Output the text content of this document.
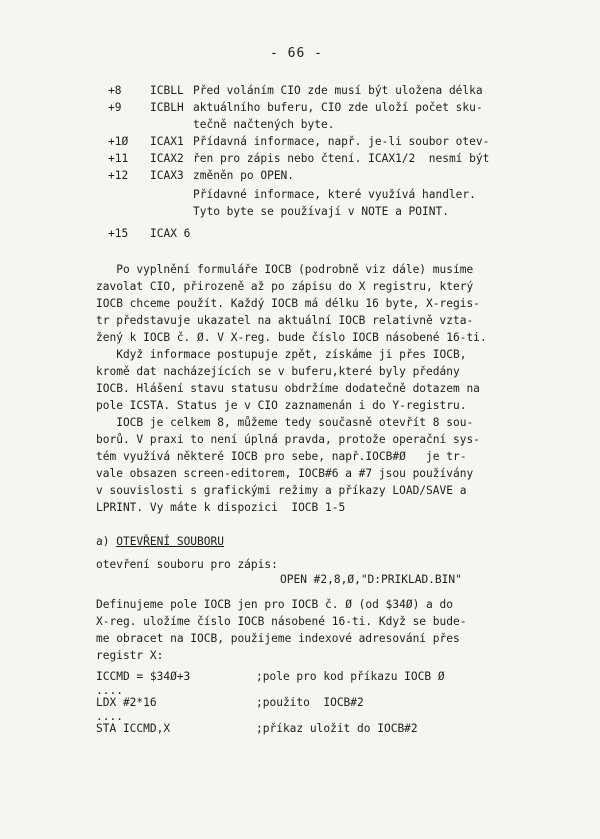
- 66 -
+8	ICBLL Před voláním CIO zde musí být uložena délka
+9	ICBLH aktuálního buferu, CIO zde uloží počet sku-
tečně načtených byte.
+1Ø ICAX1 Přídavná informace, např. je-li soubor otev-
+11 ICAX2 řen pro zápis nebo čtení. ICAX1/2  nesmí být
+12 ICAX3 změněn po OPEN.
Přídavné informace, které využívá handler.
Tyto byte se používají v NOTE a POINT.
+15 ICAX 6
Po vyplnění formuláře IOCB (podrobně viz dále) musíme
zavolat CIO, přirozeně až po zápisu do X registru, který
IOCB chceme použít. Každý IOCB má délku 16 byte, X-regis-
tr představuje ukazatel na aktuální IOCB relativně vzta-
žený k IOCB č. Ø. V X-reg. bude číslo IOCB násobené 16-ti.
Když informace postupuje zpět, získáme ji přes IOCB,
kromě dat nacházejících se v buferu,které byly předány
IOCB. Hlášení stavu statusu obdržíme dodatečně dotazem na
pole ICSTA. Status je v CIO zaznamenán i do Y-registru.
IOCB je celkem 8, můžeme tedy současně otevřít 8 sou-
borů. V praxi to není úplná pravda, protože operační sys-
tém využívá některé IOCB pro sebe, např.IOCB#Ø   je tr-
vale obsazen screen-editorem, IOCB#6 a #7 jsou používány
v souvislosti s grafickými režimy a příkazy LOAD/SAVE a
LPRINT. Vy máte k dispozici  IOCB 1-5
a) OTEVŘENÍ SOUBORU
otevření souboru pro zápis:
OPEN #2,8,Ø,"D:PRIKLAD.BIN"
Definujeme pole IOCB jen pro IOCB č. Ø (od $34Ø) a do
X-reg. uložíme číslo IOCB násobené 16-ti. Když se bude-
me obracet na IOCB, použijeme indexové adresování přes
registr X:
ICCMD = $34Ø+3	;pole pro kod příkazu IOCB Ø
....
LDX #2*16	;použito  IOCB#2
....
STA ICCMD,X	;příkaz uložit do IOCB#2
